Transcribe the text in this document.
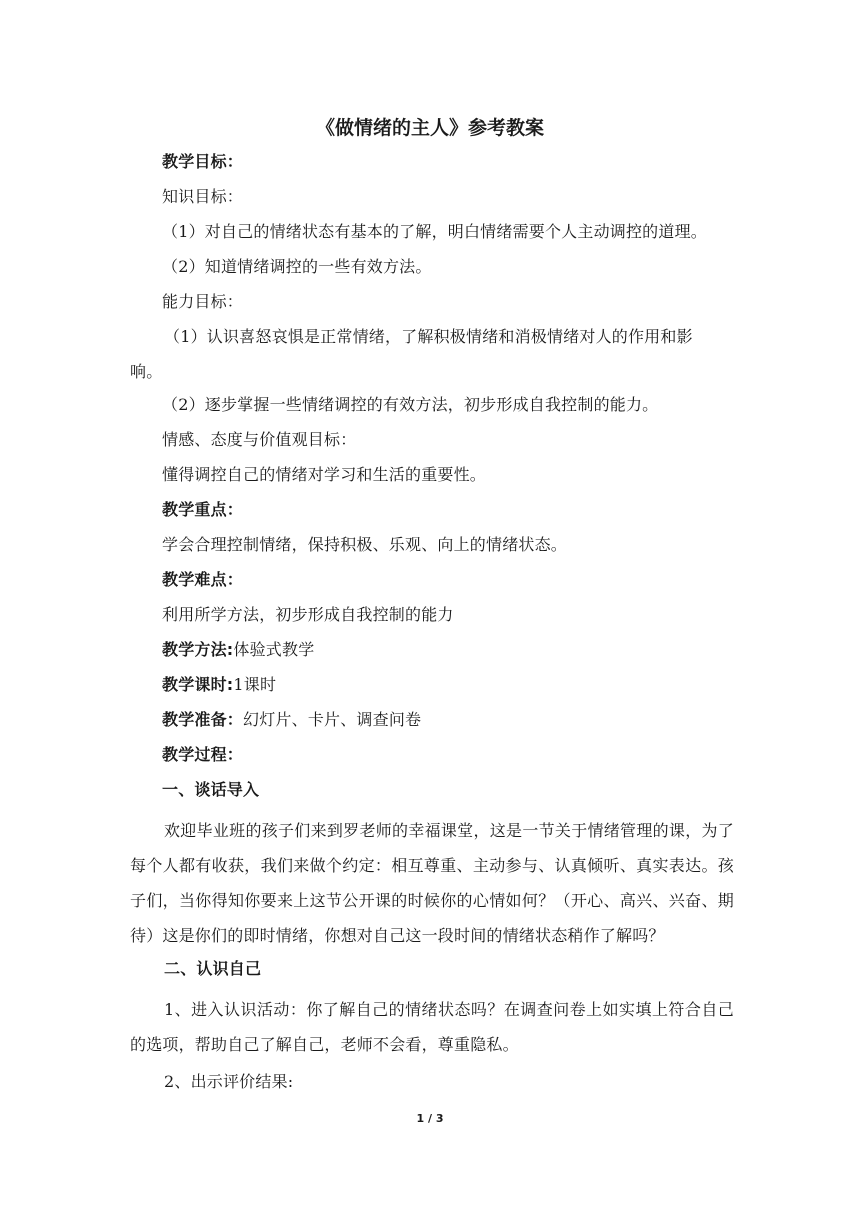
《做情绪的主人》参考教案

教学目标：

知识目标：

（1）对自己的情绪状态有基本的了解，明白情绪需要个人主动调控的道理。

（2）知道情绪调控的一些有效方法。

能力目标：

（1）认识喜怒哀惧是正常情绪，了解积极情绪和消极情绪对人的作用和影
响。

（2）逐步掌握一些情绪调控的有效方法，初步形成自我控制的能力。

情感、态度与价值观目标：

懂得调控自己的情绪对学习和生活的重要性。

教学重点：

学会合理控制情绪，保持积极、乐观、向上的情绪状态。

教学难点：

利用所学方法，初步形成自我控制的能力

教学方法:体验式教学

教学课时:1课时

教学准备：幻灯片、卡片、调查问卷

教学过程：

一、谈话导入

欢迎毕业班的孩子们来到罗老师的幸福课堂，这是一节关于情绪管理的课，为了每个人都有收获，我们来做个约定：相互尊重、主动参与、认真倾听、真实表达。孩子们，当你得知你要来上这节公开课的时候你的心情如何？（开心、高兴、兴奋、期待）这是你们的即时情绪，你想对自己这一段时间的情绪状态稍作了解吗？

二、认识自己

1、进入认识活动：你了解自己的情绪状态吗？在调查问卷上如实填上符合自己的选项，帮助自己了解自己，老师不会看，尊重隐私。

2、出示评价结果:

1 / 3
